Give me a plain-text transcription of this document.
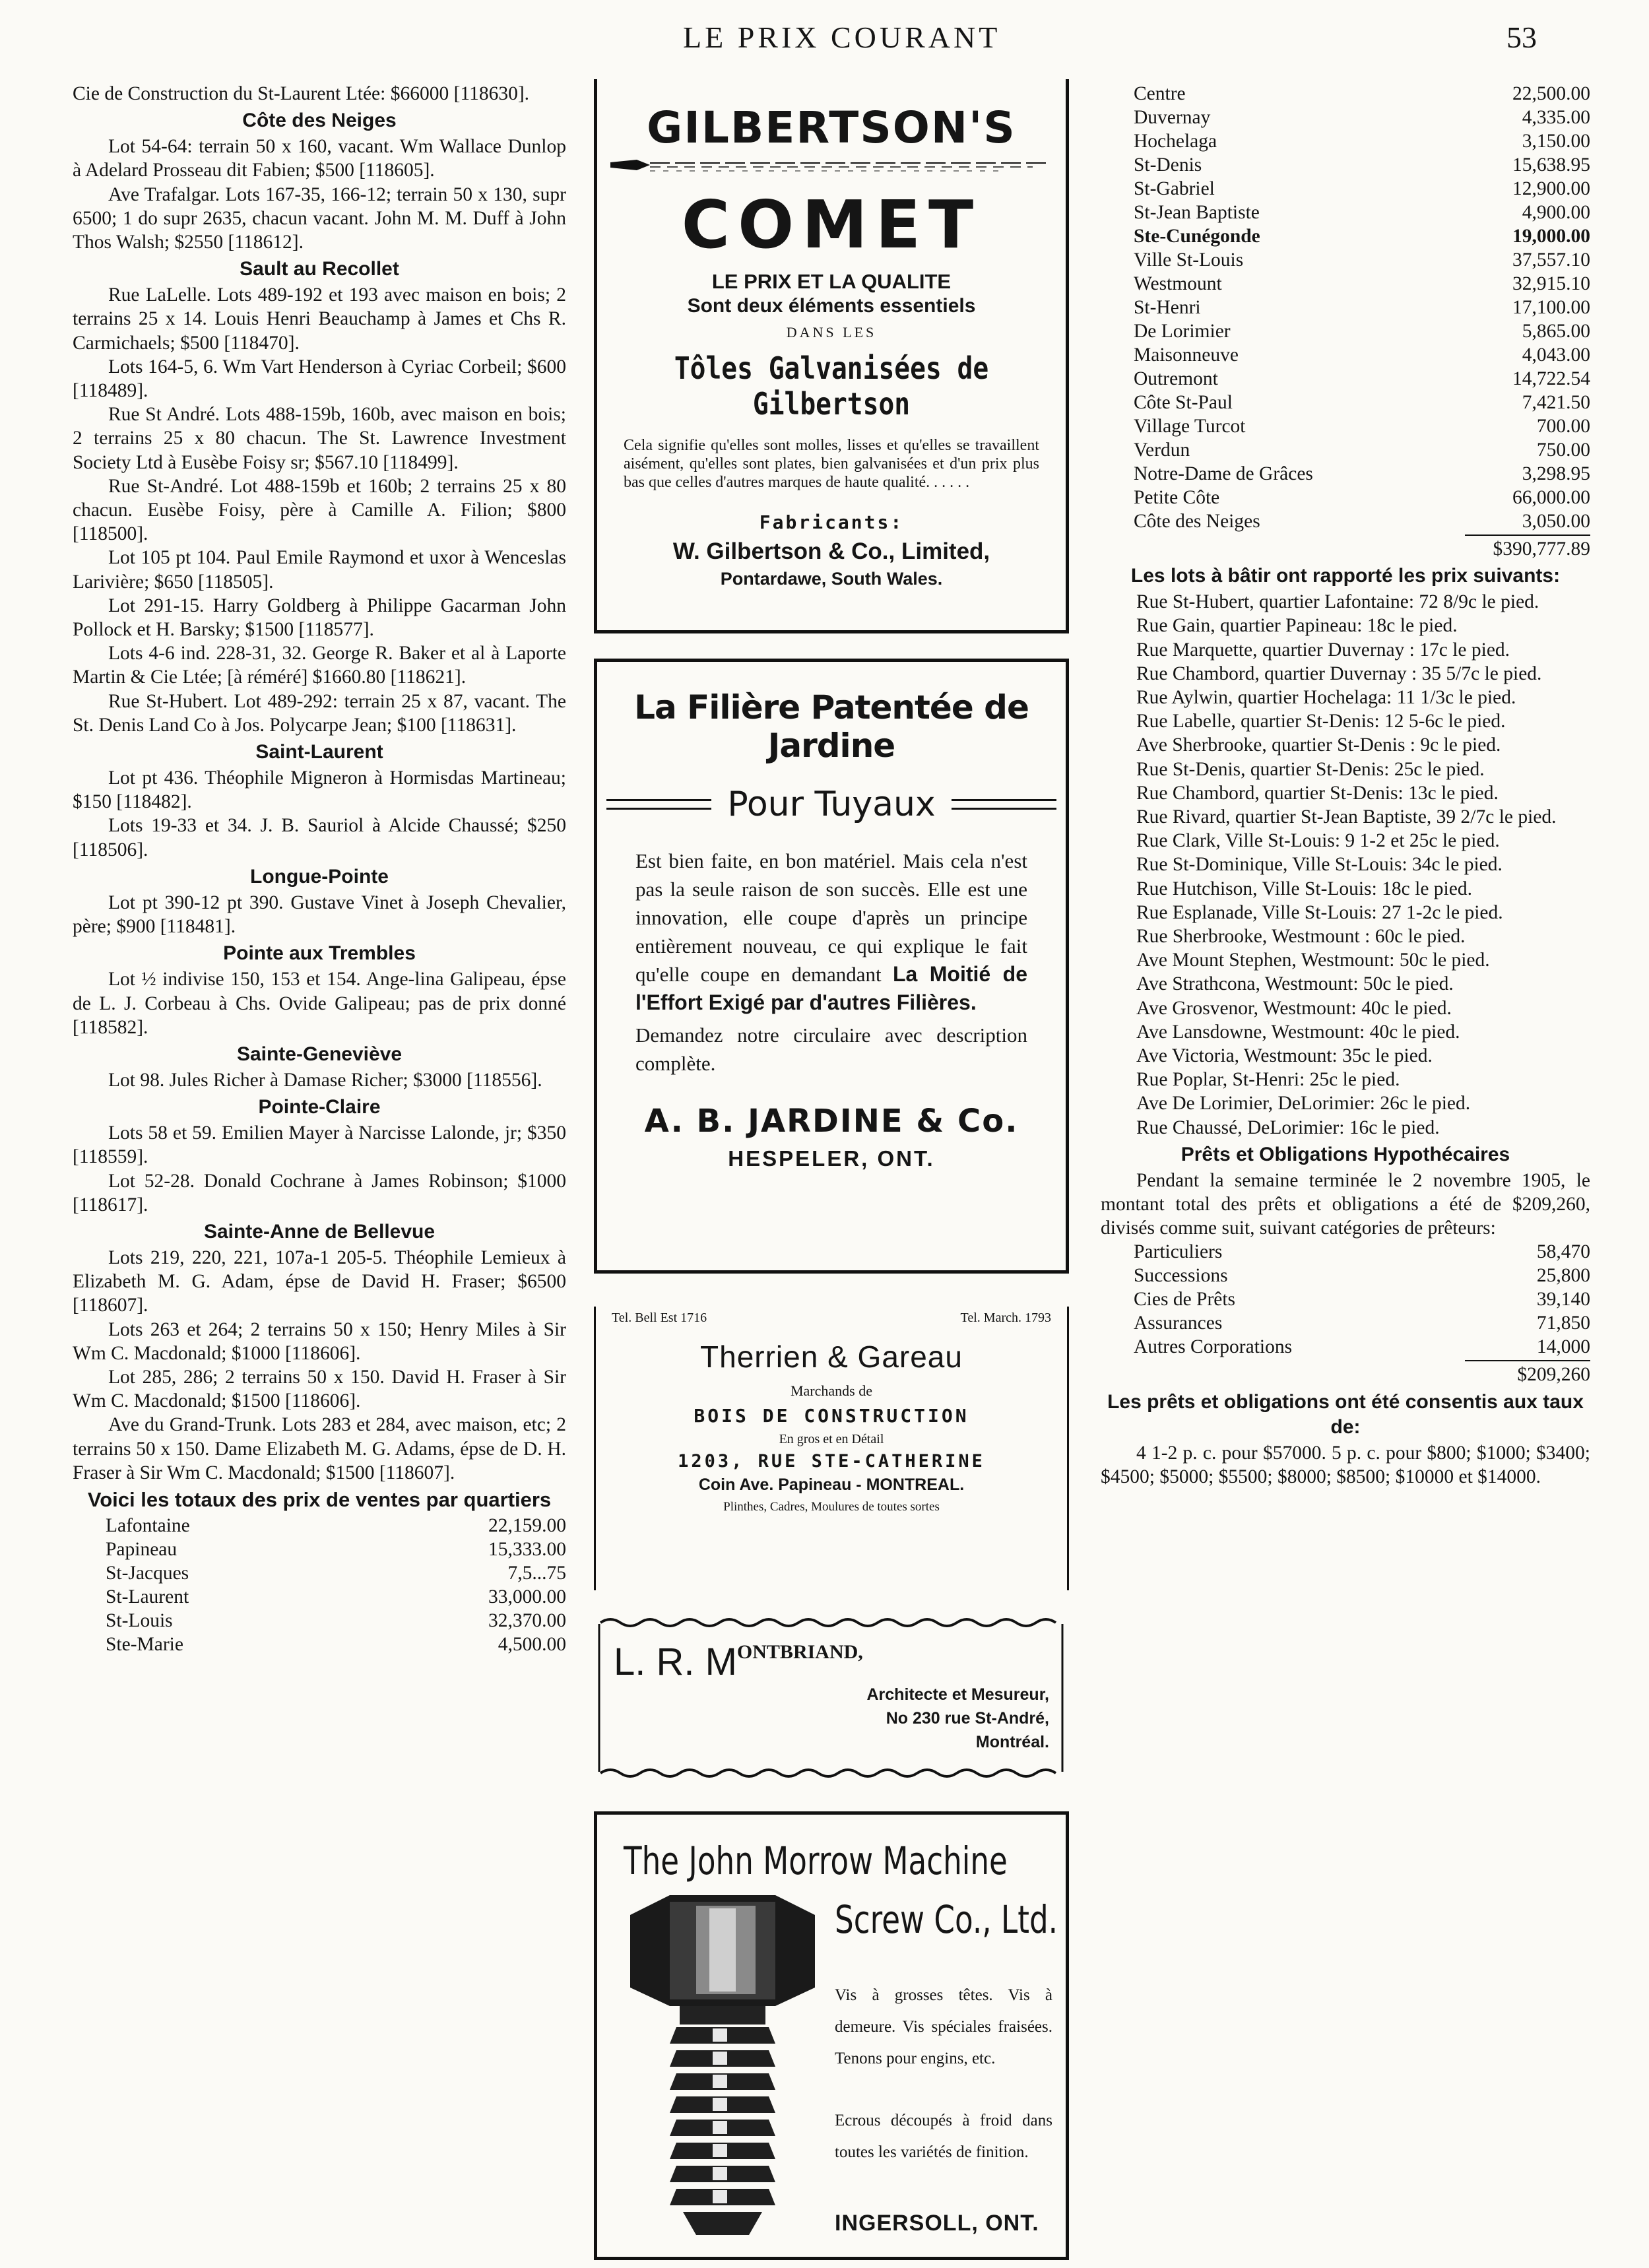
LE PRIX COURANT	53

Cie de Construction du St-Laurent Ltée: $66000 [118630].

Côte des Neiges

Lot 54-64: terrain 50 x 160, vacant. Wm Wallace Dunlop à Adelard Prosseau dit Fabien; $500 [118605].

Ave Trafalgar. Lots 167-35, 166-12; terrain 50 x 130, supr 6500; 1 do supr 2635, chacun vacant. John M. M. Duff à John Thos Walsh; $2550 [118612].

Sault au Recollet

Rue LaLelle. Lots 489-192 et 193 avec maison en bois; 2 terrains 25 x 14. Louis Henri Beauchamp à James et Chs R. Carmichaels; $500 [118470].

Lots 164-5, 6. Wm Vart Henderson à Cyriac Corbeil; $600 [118489].

Rue St André. Lots 488-159b, 160b, avec maison en bois; 2 terrains 25 x 80 chacun. The St. Lawrence Investment Society Ltd à Eusèbe Foisy sr; $567.10 [118499].

Rue St-André. Lot 488-159b et 160b; 2 terrains 25 x 80 chacun. Eusèbe Foisy, père à Camille A. Filion; $800 [118500].

Lot 105 pt 104. Paul Emile Raymond et uxor à Wenceslas Larivière; $650 [118505].

Lot 291-15. Harry Goldberg à Philippe Gacarman John Pollock et H. Barsky; $1500 [118577].

Lots 4-6 ind. 228-31, 32. George R. Baker et al à Laporte Martin & Cie Ltée; [à réméré] $1660.80 [118621].

Rue St-Hubert. Lot 489-292: terrain 25 x 87, vacant. The St. Denis Land Co à Jos. Polycarpe Jean; $100 [118631].

Saint-Laurent

Lot pt 436. Théophile Migneron à Hormisdas Martineau; $150 [118482].

Lots 19-33 et 34. J. B. Sauriol à Alcide Chaussé; $250 [118506].

Longue-Pointe

Lot pt 390-12 pt 390. Gustave Vinet à Joseph Chevalier, père; $900 [118481].

Pointe aux Trembles

Lot ½ indivise 150, 153 et 154. Ange-lina Galipeau, épse de L. J. Corbeau à Chs. Ovide Galipeau; pas de prix donné [118582].

Sainte-Geneviève

Lot 98. Jules Richer à Damase Richer; $3000 [118556].

Pointe-Claire

Lots 58 et 59. Emilien Mayer à Narcisse Lalonde, jr; $350 [118559].

Lot 52-28. Donald Cochrane à James Robinson; $1000 [118617].

Sainte-Anne de Bellevue

Lots 219, 220, 221, 107a-1 205-5. Théophile Lemieux à Elizabeth M. G. Adam, épse de David H. Fraser; $6500 [118607].

Lots 263 et 264; 2 terrains 50 x 150; Henry Miles à Sir Wm C. Macdonald; $1000 [118606].

Lot 285, 286; 2 terrains 50 x 150. David H. Fraser à Sir Wm C. Macdonald; $1500 [118606].

Ave du Grand-Trunk. Lots 283 et 284, avec maison, etc; 2 terrains 50 x 150. Dame Elizabeth M. G. Adams, épse de D. H. Fraser à Sir Wm C. Macdonald; $1500 [118607].

Voici les totaux des prix de ventes par quartiers
Lafontaine	22,159.00
Papineau	15,333.00
St-Jacques	7,5...75
St-Laurent	33,000.00
St-Louis	32,370.00
Ste-Marie	4,500.00
GILBERTSON'S
COMET
LE PRIX ET LA QUALITE
Sont deux éléments essentiels
DANS LES
Tôles Galvanisées de Gilbertson
Cela signifie qu'elles sont molles, lisses et qu'elles se travaillent aisément, qu'elles sont plates, bien galvanisées et d'un prix plus bas que celles d'autres marques de haute qualité. . . . . .
Fabricants:
W. Gilbertson & Co., Limited,
Pontardawe, South Wales.
La Filière Patentée de Jardine
Pour Tuyaux
Est bien faite, en bon matériel. Mais cela n'est pas la seule raison de son succès. Elle est une innovation, elle coupe d'après un principe entièrement nouveau, ce qui explique le fait qu'elle coupe en demandant La Moitié de l'Effort Exigé par d'autres Filières.
Demandez notre circulaire avec description complète.
A. B. JARDINE & Co.
HESPELER, ONT.
Tel. Bell Est 1716	Tel. March. 1793
Therrien & Gareau
Marchands de
BOIS DE CONSTRUCTION
En gros et en Détail
1203, RUE STE-CATHERINE
Coin Ave. Papineau - MONTREAL.
Plinthes, Cadres, Moulures de toutes sortes
L. R. $M^{ONTBRIAND,}$
Architecte et Mesureur,
No 230 rue St-André,
Montréal.
The John Morrow Machine
Screw Co., Ltd.
Vis à grosses têtes. Vis à demeure. Vis spéciales fraisées. Tenons pour engins, etc.
Ecrous découpés à froid dans toutes les variétés de finition.
INGERSOLL, ONT.
Centre	22,500.00
Duvernay	4,335.00
Hochelaga	3,150.00
St-Denis	15,638.95
St-Gabriel	12,900.00
St-Jean Baptiste	4,900.00
Ste-Cunégonde	19,000.00
Ville St-Louis	37,557.10
Westmount	32,915.10
St-Henri	17,100.00
De Lorimier	5,865.00
Maisonneuve	4,043.00
Outremont	14,722.54
Côte St-Paul	7,421.50
Village Turcot	700.00
Verdun	750.00
Notre-Dame de Grâces	3,298.95
Petite Côte	66,000.00
Côte des Neiges	3,050.00
$390,777.89
Les lots à bâtir ont rapporté les prix suivants:

Rue St-Hubert, quartier Lafontaine: 72 8/9c le pied.

Rue Gain, quartier Papineau: 18c le pied.

Rue Marquette, quartier Duvernay : 17c le pied.

Rue Chambord, quartier Duvernay : 35 5/7c le pied.

Rue Aylwin, quartier Hochelaga: 11 1/3c le pied.

Rue Labelle, quartier St-Denis: 12 5-6c le pied.

Ave Sherbrooke, quartier St-Denis : 9c le pied.

Rue St-Denis, quartier St-Denis: 25c le pied.

Rue Chambord, quartier St-Denis: 13c le pied.

Rue Rivard, quartier St-Jean Baptiste, 39 2/7c le pied.

Rue Clark, Ville St-Louis: 9 1-2 et 25c le pied.

Rue St-Dominique, Ville St-Louis: 34c le pied.

Rue Hutchison, Ville St-Louis: 18c le pied.

Rue Esplanade, Ville St-Louis: 27 1-2c le pied.

Rue Sherbrooke, Westmount : 60c le pied.

Ave Mount Stephen, Westmount: 50c le pied.

Ave Strathcona, Westmount: 50c le pied.

Ave Grosvenor, Westmount: 40c le pied.

Ave Lansdowne, Westmount: 40c le pied.

Ave Victoria, Westmount: 35c le pied.

Rue Poplar, St-Henri: 25c le pied.

Ave De Lorimier, DeLorimier: 26c le pied.

Rue Chaussé, DeLorimier: 16c le pied.

Prêts et Obligations Hypothécaires

Pendant la semaine terminée le 2 novembre 1905, le montant total des prêts et obligations a été de $209,260, divisés comme suit, suivant catégories de prêteurs:

Particuliers	58,470
Successions	25,800
Cies de Prêts	39,140
Assurances	71,850
Autres Corporations	14,000
$209,260
Les prêts et obligations ont été consentis aux taux de:

4 1-2 p. c. pour $57000. 5 p. c. pour $800; $1000; $3400; $4500; $5000; $5500; $8000; $8500; $10000 et $14000.
